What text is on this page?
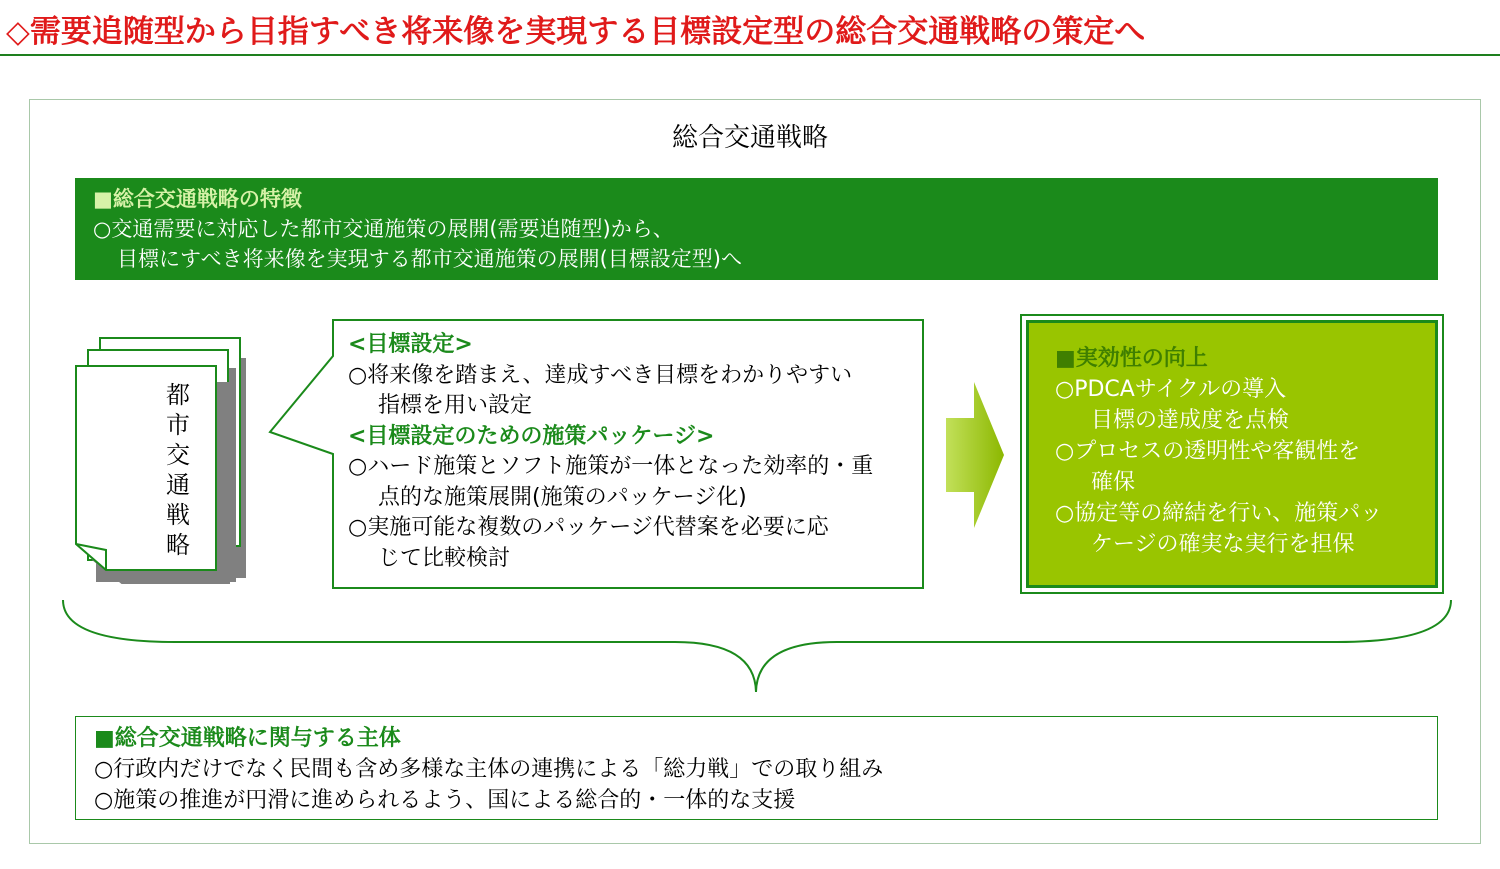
◇需要追随型から目指すべき将来像を実現する目標設定型の総合交通戦略の策定へ
総合交通戦略
■総合交通戦略の特徴
○交通需要に対応した都市交通施策の展開(需要追随型)から、
目標にすべき将来像を実現する都市交通施策の展開(目標設定型)へ
都市交通戦略
<目標設定>
○将来像を踏まえ、達成すべき目標をわかりやすい
指標を用い設定
<目標設定のための施策パッケージ>
○ハード施策とソフト施策が一体となった効率的・重
点的な施策展開(施策のパッケージ化)
○実施可能な複数のパッケージ代替案を必要に応
じて比較検討
■実効性の向上
○PDCAサイクルの導入
目標の達成度を点検
○プロセスの透明性や客観性を
確保
○協定等の締結を行い、施策パッ
ケージの確実な実行を担保
■総合交通戦略に関与する主体
○行政内だけでなく民間も含め多様な主体の連携による「総力戦」での取り組み
○施策の推進が円滑に進められるよう、国による総合的・一体的な支援
